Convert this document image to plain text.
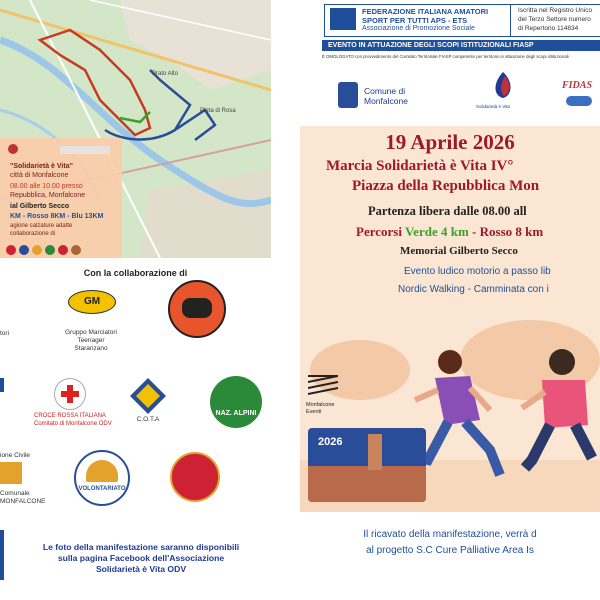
Prato Alto
Pieta di Rosa
"Solidarietà è Vita"
città di Monfalcone
08.00 alle 10.00 presso
Repubblica, Monfalcone
ial Gilberto Secco
KM - Rosso 8KM - Blu 13KM
agione calzature adatte
collaborazione di
Con la collaborazione di
tori
GM
Gruppo Marciatori
Teenager
Staranzano
CROCE ROSSA ITALIANA
Comitato di Monfalcone ODV
C.O.T.A
NAZ. ALPINI
ione Civile
Comunale
MONFALCONE
VOLONTARIATO
Le foto della manifestazione saranno disponibili
sulla pagina Facebook dell'Associazione
Solidarietà è Vita ODV
FEDERAZIONE ITALIANA AMATORI
SPORT PER TUTTI APS - ETS
Associazione di Promozione Sociale
Iscritta nel Registro Unico
del Terzo Settore numero
di Repertorio 114834
EVENTO IN ATTUAZIONE DEGLI SCOPI ISTITUZIONALI FIASP
È OMOLOGATO con provvedimento del Comitato Territoriale FIASP competente per territorio in attuazione degli scopi istituzionali
Comune di
Monfalcone
Solidarietà è Vita
FIDAS
19 Aprile 2026
Marcia Solidarietà è Vita IV°
Piazza della Repubblica Mon
Partenza libera dalle 08.00 all
Percorsi Verde 4 km - Rosso 8 km
Memorial Gilberto Secco
Evento ludico motorio a passo lib
Nordic Walking - Camminata con i
Monfalcone
Eventi
2026
Il ricavato della manifestazione, verrà d
al progetto S.C Cure Palliative Area Is
